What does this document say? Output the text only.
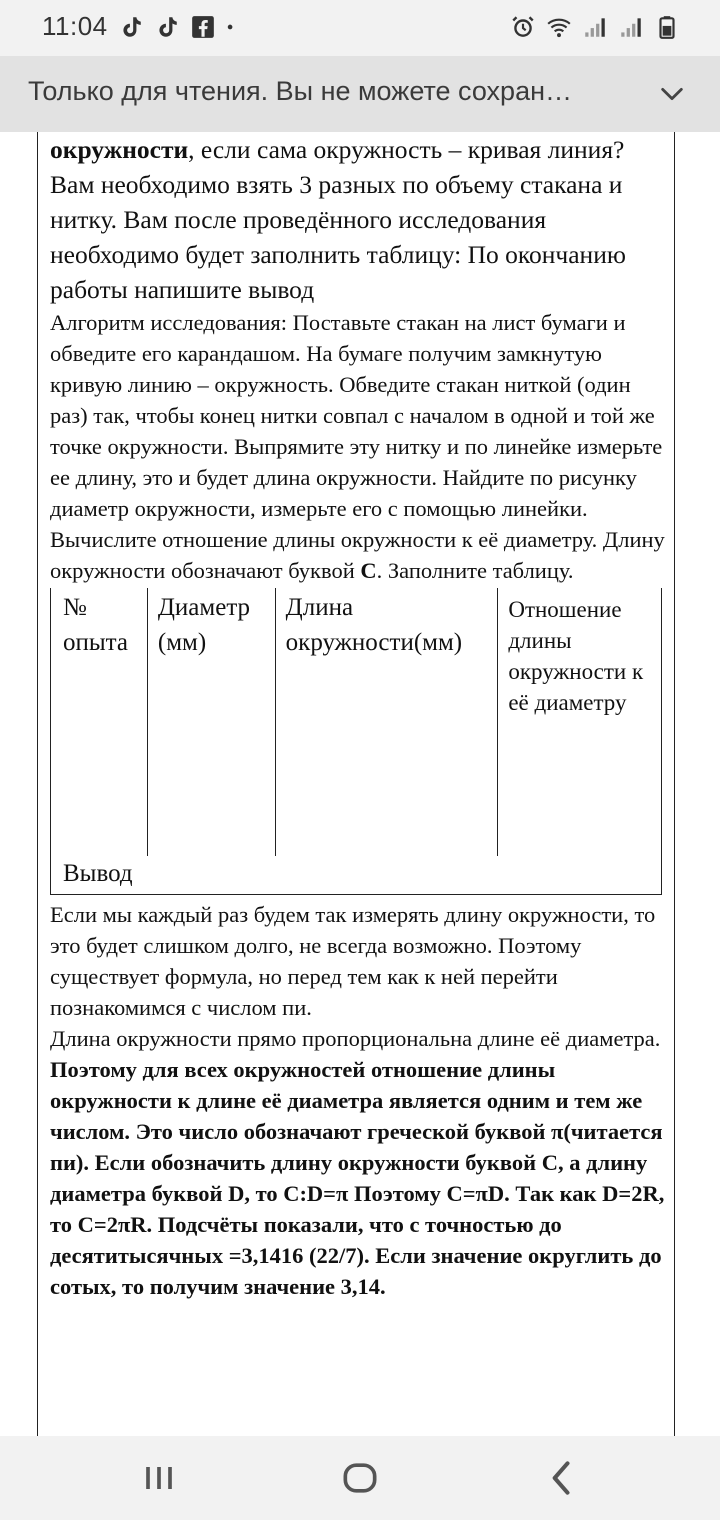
11:04
Только для чтения. Вы не можете сохран…

окружности, если сама окружность – кривая линия?

Вам необходимо взять 3 разных по объему стакана и нитку. Вам после проведённого исследования необходимо будет заполнить таблицу: По окончанию работы напишите вывод

Алгоритм исследования: Поставьте стакан на лист бумаги и обведите его карандашом. На бумаге получим замкнутую кривую линию – окружность. Обведите стакан ниткой (один раз) так, чтобы конец нитки совпал с началом в одной и той же точке окружности. Выпрямите эту нитку и по линейке измерьте ее длину, это и будет длина окружности. Найдите по рисунку диаметр окружности, измерьте его с помощью линейки. Вычислите отношение длины окружности к её диаметру. Длину окружности обозначают буквой С. Заполните таблицу.

№ опыта	Диаметр (мм)	Длина окружности(мм)	Отношение длины окружности к её диаметру

Вывод			

Если мы каждый раз будем так измерять длину окружности, то это будет слишком долго, не всегда возможно. Поэтому существует формула, но перед тем как к ней перейти познакомимся с числом пи.

Длина окружности прямо пропорциональна длине её диаметра. Поэтому для всех окружностей отношение длины окружности к длине её диаметра является одним и тем же числом. Это число обозначают греческой буквой π(читается пи). Если обозначить длину окружности буквой C, а длину диаметра буквой D, то C:D=π Поэтому C=πD. Так как D=2R, то C=2πR. Подсчёты показали, что с точностью до десятитысячных =3,1416 (22/7). Если значение округлить до сотых, то получим значение 3,14.
